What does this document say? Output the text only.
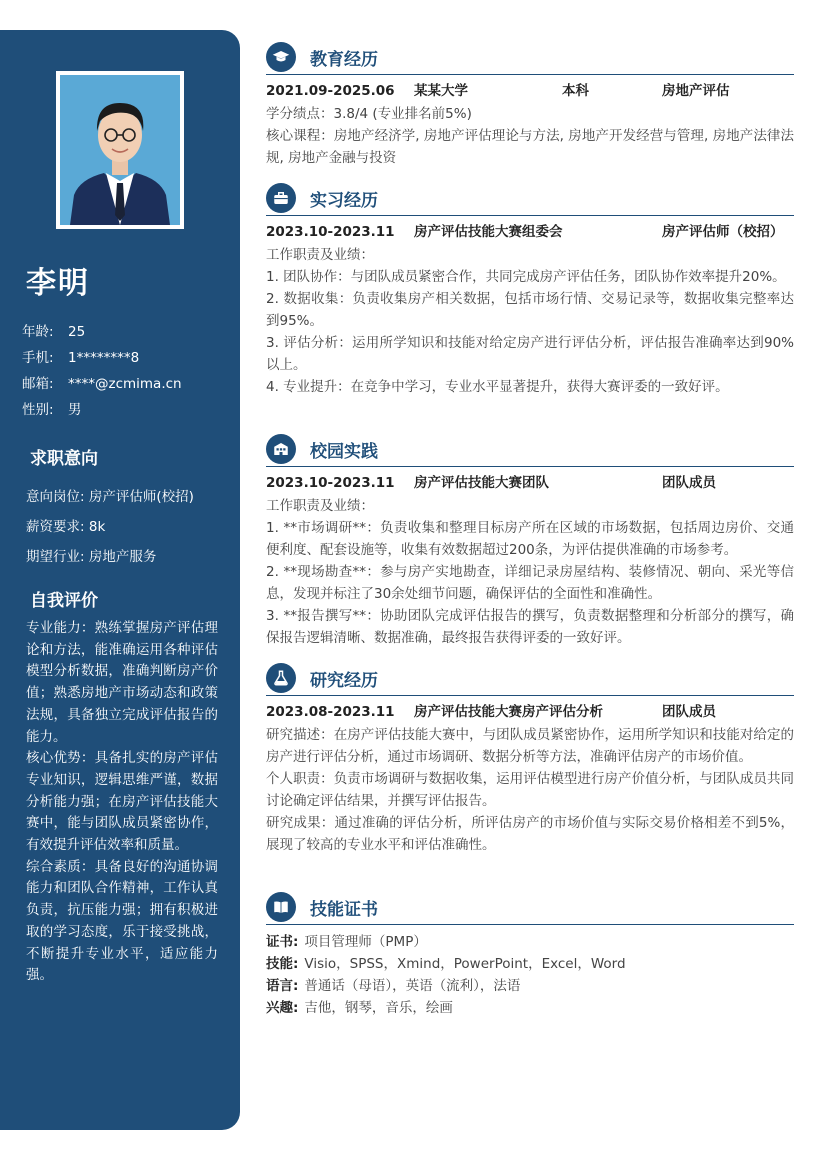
李明
年龄:	25
手机:	1********8
邮箱:	****@zcmima.cn
性别:	男
求职意向
意向岗位: 房产评估师(校招)
薪资要求: 8k
期望行业: 房地产服务
自我评价

专业能力：熟练掌握房产评估理论和方法，能准确运用各种评估模型分析数据，准确判断房产价值；熟悉房地产市场动态和政策法规，具备独立完成评估报告的能力。

核心优势：具备扎实的房产评估专业知识，逻辑思维严谨，数据分析能力强；在房产评估技能大赛中，能与团队成员紧密协作，有效提升评估效率和质量。

综合素质：具备良好的沟通协调能力和团队合作精神，工作认真负责，抗压能力强；拥有积极进取的学习态度，乐于接受挑战，不断提升专业水平，适应能力强。

教育经历
2021.09-2025.06	某某大学	本科	房地产评估

学分绩点：3.8/4 (专业排名前5%)

核心课程：房地产经济学, 房地产评估理论与方法, 房地产开发经营与管理, 房地产法律法规, 房地产金融与投资

实习经历
2023.10-2023.11	房产评估技能大赛组委会	房产评估师（校招）

工作职责及业绩：

1. 团队协作：与团队成员紧密合作，共同完成房产评估任务，团队协作效率提升20%。

2. 数据收集：负责收集房产相关数据，包括市场行情、交易记录等，数据收集完整率达到95%。

3. 评估分析：运用所学知识和技能对给定房产进行评估分析，评估报告准确率达到90%以上。

4. 专业提升：在竞争中学习，专业水平显著提升，获得大赛评委的一致好评。

校园实践
2023.10-2023.11	房产评估技能大赛团队	团队成员

工作职责及业绩：

1. **市场调研**：负责收集和整理目标房产所在区域的市场数据，包括周边房价、交通便利度、配套设施等，收集有效数据超过200条，为评估提供准确的市场参考。

2. **现场勘查**：参与房产实地勘查，详细记录房屋结构、装修情况、朝向、采光等信息，发现并标注了30余处细节问题，确保评估的全面性和准确性。

3. **报告撰写**：协助团队完成评估报告的撰写，负责数据整理和分析部分的撰写，确保报告逻辑清晰、数据准确，最终报告获得评委的一致好评。

研究经历
2023.08-2023.11	房产评估技能大赛房产评估分析	团队成员

研究描述：在房产评估技能大赛中，与团队成员紧密协作，运用所学知识和技能对给定的房产进行评估分析，通过市场调研、数据分析等方法，准确评估房产的市场价值。

个人职责：负责市场调研与数据收集，运用评估模型进行房产价值分析，与团队成员共同讨论确定评估结果，并撰写评估报告。

研究成果：通过准确的评估分析，所评估房产的市场价值与实际交易价格相差不到5%，展现了较高的专业水平和评估准确性。

技能证书
证书: 项目管理师（PMP）
技能: Visio，SPSS，Xmind，PowerPoint，Excel，Word
语言: 普通话（母语），英语（流利），法语
兴趣: 吉他，钢琴，音乐，绘画
